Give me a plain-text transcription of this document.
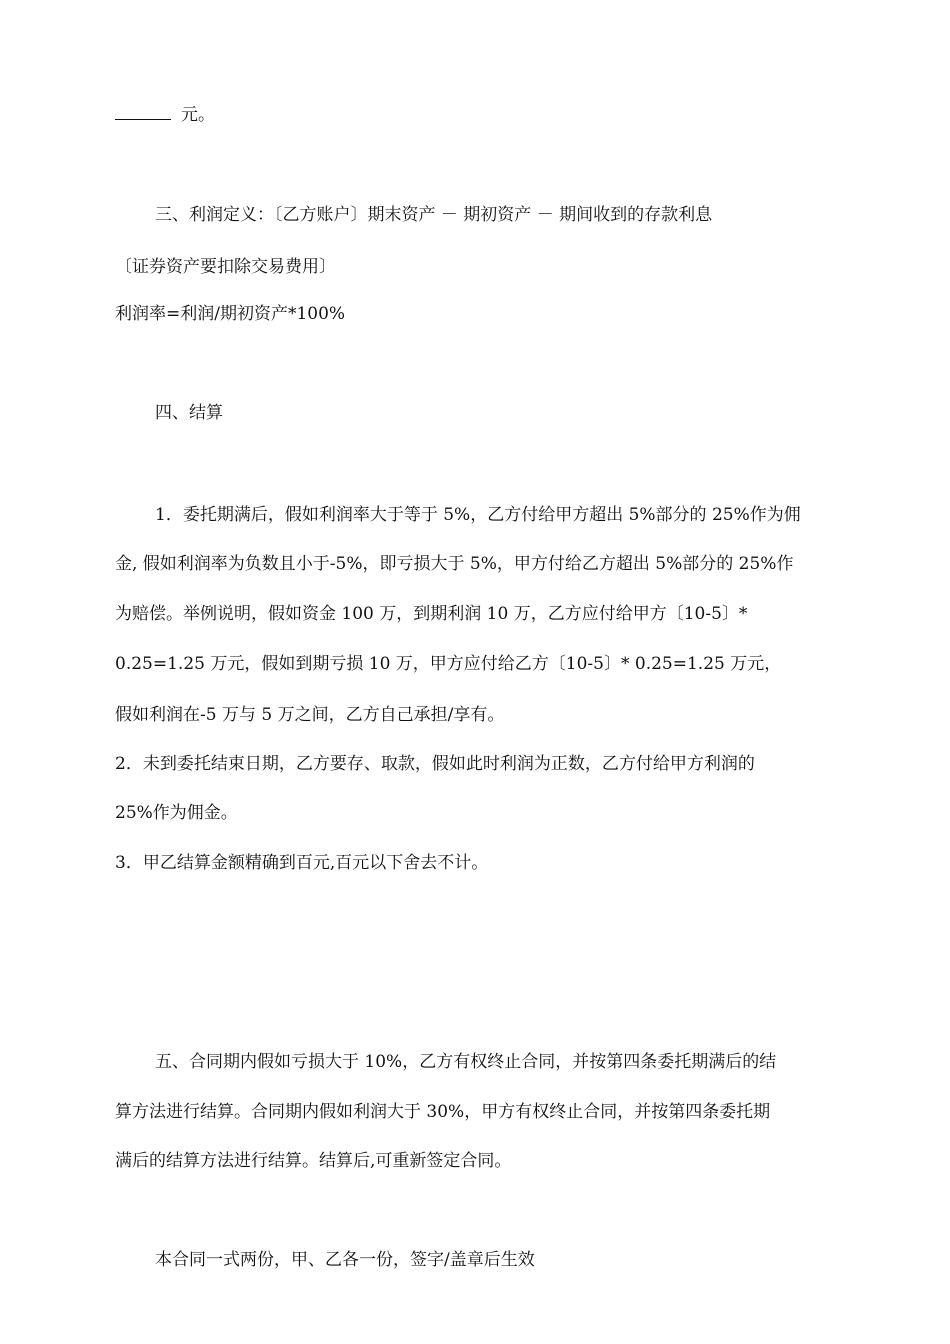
元。
三、利润定义：〔乙方账户〕期末资产 － 期初资产 － 期间收到的存款利息
〔证券资产要扣除交易费用〕
利润率=利润/期初资产*100%
四、结算
1．委托期满后，假如利润率大于等于 5%，乙方付给甲方超出 5%部分的 25%作为佣
金, 假如利润率为负数且小于-5%，即亏损大于 5%，甲方付给乙方超出 5%部分的 25%作
为赔偿。举例说明，假如资金 100 万，到期利润 10 万，乙方应付给甲方〔10-5〕*
0.25=1.25 万元，假如到期亏损 10 万，甲方应付给乙方〔10-5〕* 0.25=1.25 万元，
假如利润在-5 万与 5 万之间，乙方自己承担/享有。
2．未到委托结束日期，乙方要存、取款，假如此时利润为正数，乙方付给甲方利润的
25%作为佣金。
3．甲乙结算金额精确到百元,百元以下舍去不计。
五、合同期内假如亏损大于 10%，乙方有权终止合同，并按第四条委托期满后的结
算方法进行结算。合同期内假如利润大于 30%，甲方有权终止合同，并按第四条委托期
满后的结算方法进行结算。结算后,可重新签定合同。
本合同一式两份，甲、乙各一份，签字/盖章后生效
